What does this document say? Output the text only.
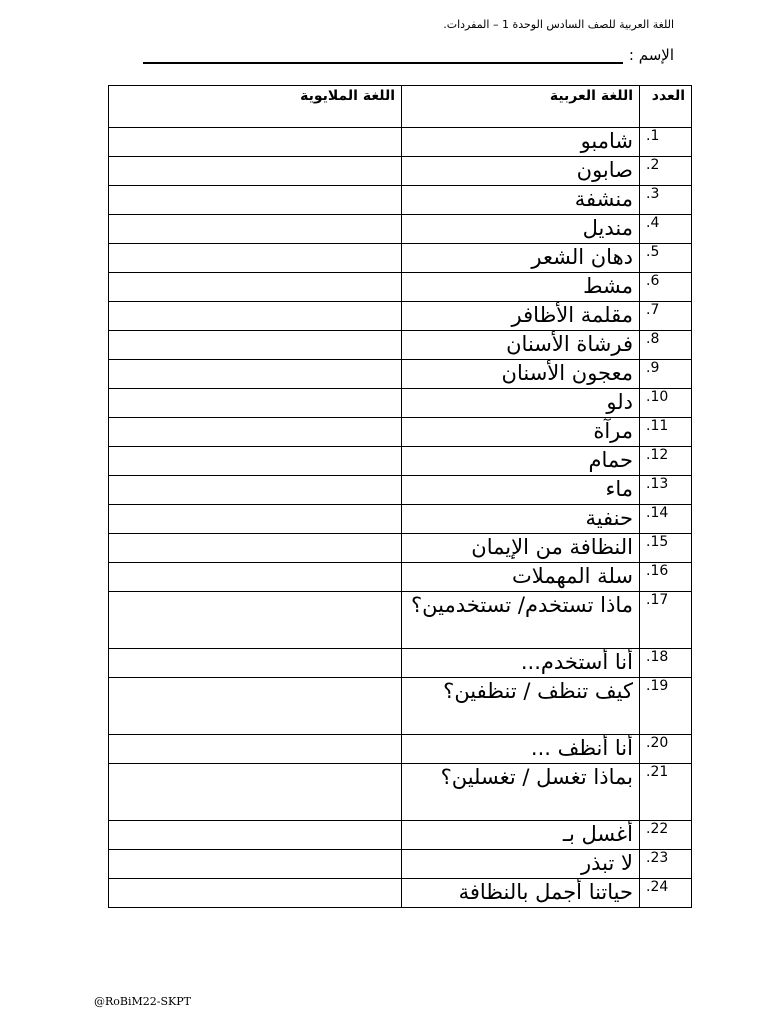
اللغة العربية للصف السادس الوحدة 1 – المفردات.
الإسم :
العدد	اللغة العربية	اللغة الملايوية
1.	شامبو	
2.	صابون	
3.	منشفة	
4.	منديل	
5.	دهان الشعر	
6.	مشط	
7.	مقلمة الأظافر	
8.	فرشاة الأسنان	
9.	معجون الأسنان	
10.	دلو	
11.	مرآة	
12.	حمام	
13.	ماء	
14.	حنفية	
15.	النظافة من الإيمان	
16.	سلة المهملات	
17.	ماذا تستخدم/ تستخدمين؟	
18.	أنا أستخدم...	
19.	كيف تنظف / تنظفين؟	
20.	أنا أنظف ...	
21.	بماذا تغسل / تغسلين؟	
22.	أغسل بـ	
23.	لا تبذر	
24.	حياتنا أجمل بالنظافة	
@RoBiM22-SKPT
